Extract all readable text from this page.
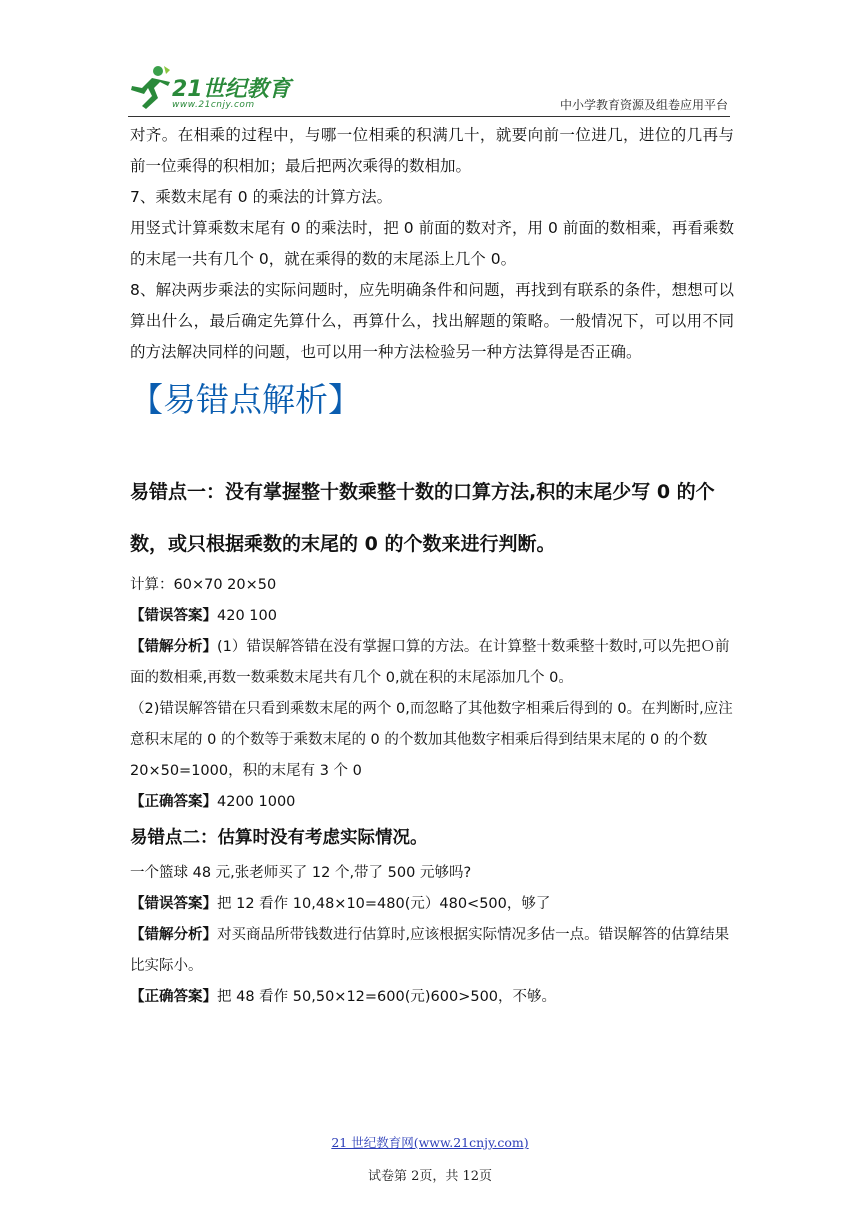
21世纪教育
www.21cnjy.com	中小学教育资源及组卷应用平台

对齐。在相乘的过程中，与哪一位相乘的积满几十，就要向前一位进几，进位的几再与前一位乘得的积相加；最后把两次乘得的数相加。

7、乘数末尾有 0 的乘法的计算方法。

用竖式计算乘数末尾有 0 的乘法时，把 0 前面的数对齐，用 0 前面的数相乘，再看乘数的末尾一共有几个 0，就在乘得的数的末尾添上几个 0。

8、解决两步乘法的实际问题时，应先明确条件和问题，再找到有联系的条件，想想可以算出什么，最后确定先算什么，再算什么，找出解题的策略。一般情况下，可以用不同的方法解决同样的问题，也可以用一种方法检验另一种方法算得是否正确。

【易错点解析】

易错点一：没有掌握整十数乘整十数的口算方法,积的末尾少写 0 的个数，或只根据乘数的末尾的 0 的个数来进行判断。

计算：60×70 20×50

【错误答案】420 100

【错解分析】(1）错误解答错在没有掌握口算的方法。在计算整十数乘整十数时,可以先把Ｏ前面的数相乘,再数一数乘数末尾共有几个 0,就在积的末尾添加几个 0。

（2)错误解答错在只看到乘数末尾的两个 0,而忽略了其他数字相乘后得到的 0。在判断时,应注意积末尾的 0 的个数等于乘数末尾的 0 的个数加其他数字相乘后得到结果末尾的 0 的个数 20×50=1000，积的末尾有 3 个 0

【正确答案】4200 1000

易错点二：估算时没有考虑实际情况。

一个篮球 48 元,张老师买了 12 个,带了 500 元够吗?

【错误答案】把 12 看作 10,48×10=480(元）480<500，够了

【错解分析】对买商品所带钱数进行估算时,应该根据实际情况多估一点。错误解答的估算结果比实际小。

【正确答案】把 48 看作 50,50×12=600(元)600>500，不够。

21 世纪教育网(www.21cnjy.com)
试卷第 2页，共 12页
